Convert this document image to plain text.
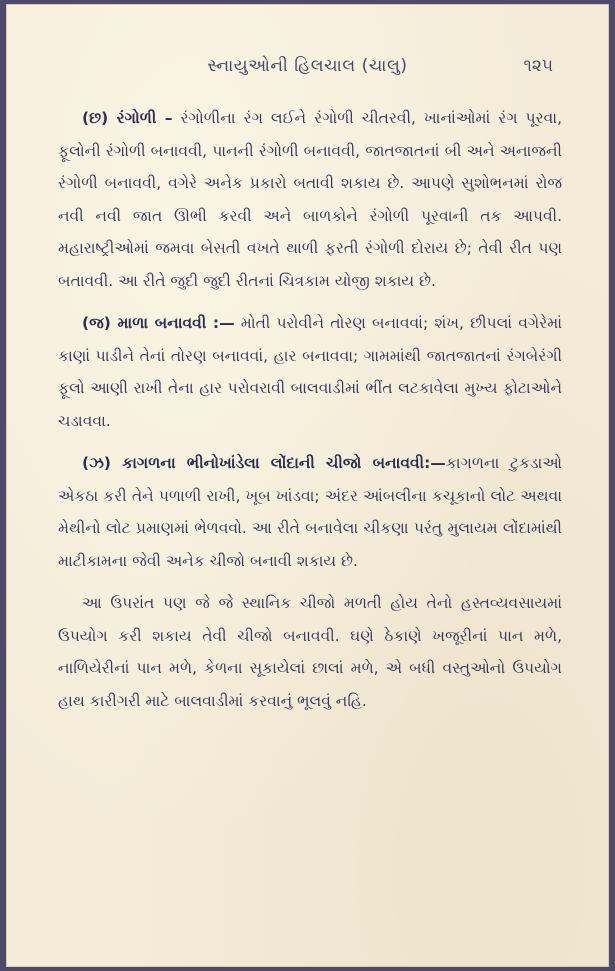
સ્નાયુઓની હિલચાલ (ચાલુ)	૧૨૫

(છ) રંગોળી – રંગોળીના રંગ લઈને રંગોળી ચીતરવી, ખાનાંઓમાં રંગ પૂરવા, ફૂલોની રંગોળી બનાવવી, પાનની રંગોળી બનાવવી, જાતજાતનાં બી અને અનાજની રંગોળી બનાવવી, વગેરે અનેક પ્રકારો બતાવી શકાય છે. આપણે સુશોભનમાં રોજ નવી નવી જાત ઊભી કરવી અને બાળકોને રંગોળી પૂરવાની તક આપવી. મહારાષ્ટ્રીઓમાં જમવા બેસતી વખતે થાળી ફરતી રંગોળી દોરાય છે; તેવી રીત પણ બતાવવી. આ રીતે જુદી જુદી રીતનાં ચિત્રકામ યોજી શકાય છે.

(જ) માળા બનાવવી :— મોતી પરોવીને તોરણ બનાવવાં; શંખ, છીપલાં વગેરેમાં કાણાં પાડીને તેનાં તોરણ બનાવવાં, હાર બનાવવા; ગામમાંથી જાતજાતનાં રંગબેરંગી ફૂલો આણી રાખી તેના હાર પરોવરાવી બાલવાડીમાં ભીંત લટકાવેલા મુખ્ય ફોટાઓને ચડાવવા.

(ઝ) કાગળના ભીનોખાંડેલા લોંદાની ચીજો બનાવવી:—કાગળના ટુકડાઓ એકઠા કરી તેને પળાળી રાખી, ખૂબ ખાંડવા; અંદર આંબલીના કચૂકાનો લોટ અથવા મેથીનો લોટ પ્રમાણમાં ભેળવવો. આ રીતે બનાવેલા ચીકણા પરંતુ મુલાયમ લોંદામાંથી માટીકામના જેવી અનેક ચીજો બનાવી શકાય છે.

આ ઉપરાંત પણ જે જે સ્થાનિક ચીજો મળતી હોય તેનો હસ્તવ્યવસાયમાં ઉપયોગ કરી શકાય તેવી ચીજો બનાવવી. ઘણે ઠેકાણે ખજૂરીનાં પાન મળે, નાળિયેરીનાં પાન મળે, કેળના સૂકાયેલાં છાલાં મળે, એ બધી વસ્તુઓનો ઉપયોગ હાથ કારીગરી માટે બાલવાડીમાં કરવાનું ભૂલવું નહિ.
